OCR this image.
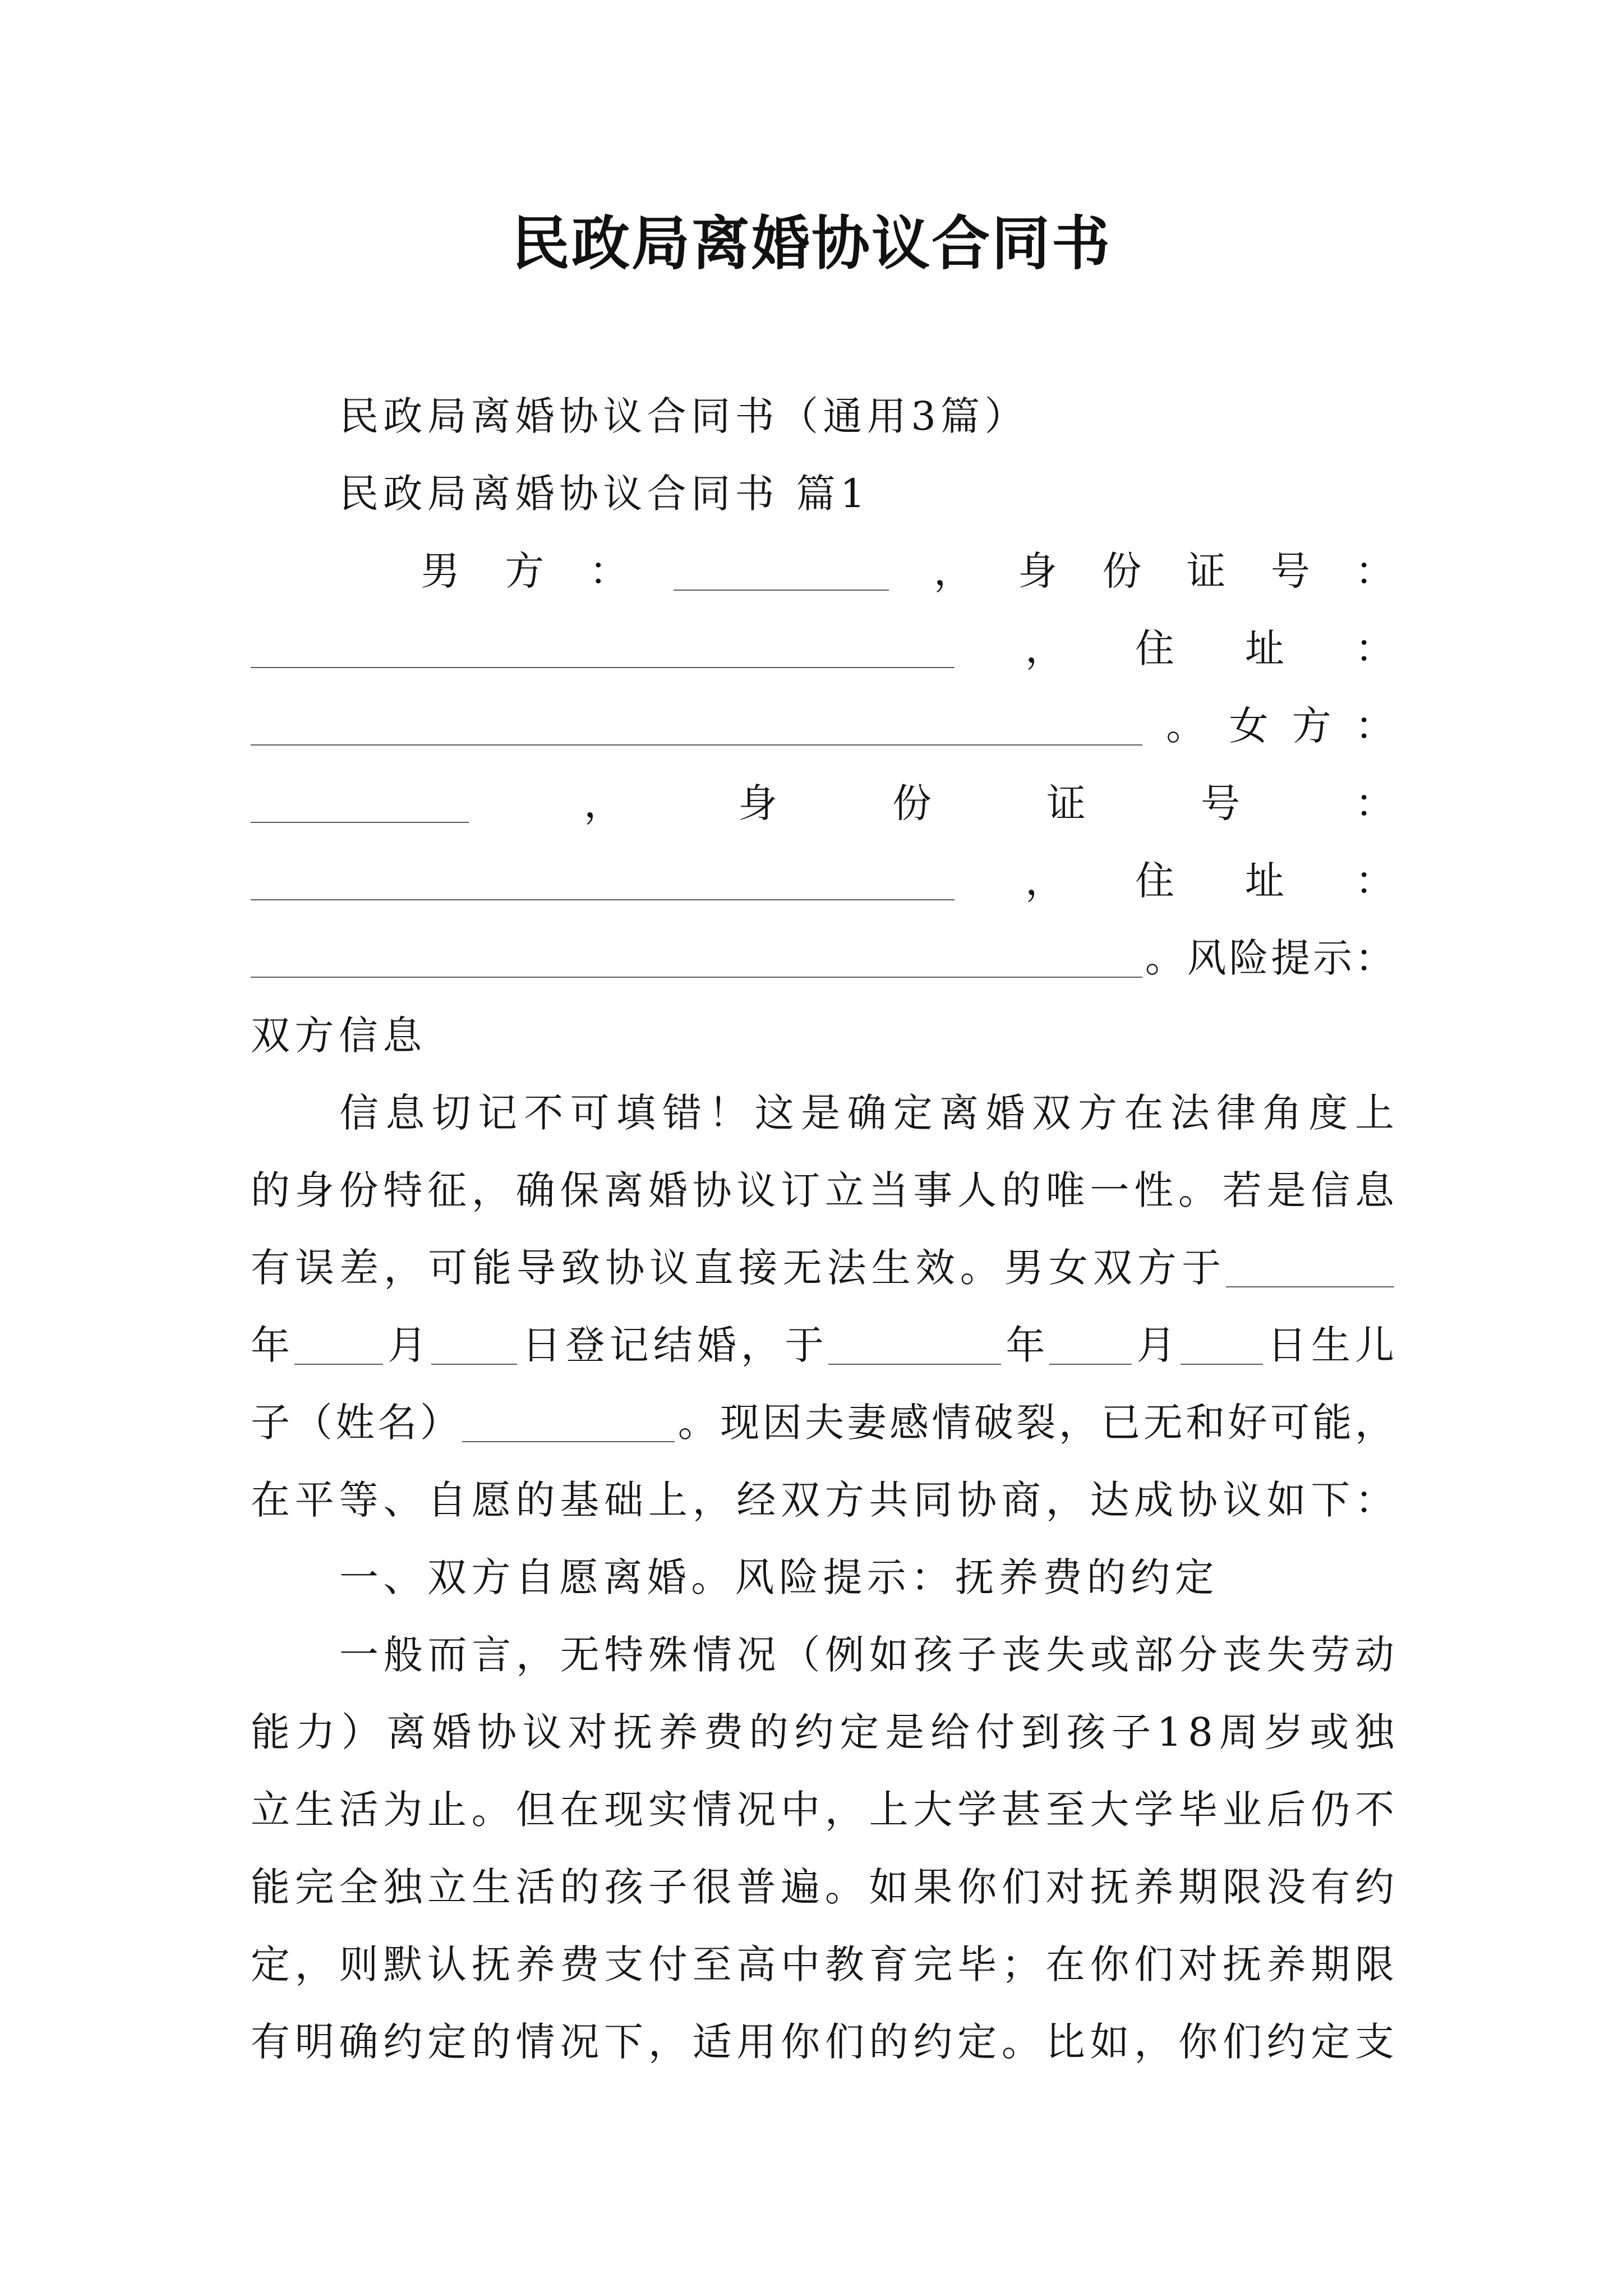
民政局离婚协议合同书
民政局离婚协议合同书（通用3篇）
民政局离婚协议合同书 篇1
男方：	，身份证号：
，住址：
。女方：
，身份证号：
，住址：
。风险提示：
双方信息
信息切记不可填错！这是确定离婚双方在法律角度上
的身份特征，确保离婚协议订立当事人的唯一性。若是信息
有误差，可能导致协议直接无法生效。男女双方于
年 月 日登记结婚，于	年 月 日生儿
子（姓名）	。现因夫妻感情破裂，已无和好可能，
在平等、自愿的基础上，经双方共同协商，达成协议如下：
一、双方自愿离婚。风险提示：抚养费的约定
一般而言，无特殊情况（例如孩子丧失或部分丧失劳动
能力）离婚协议对抚养费的约定是给付到孩子18周岁或独
立生活为止。但在现实情况中，上大学甚至大学毕业后仍不
能完全独立生活的孩子很普遍。如果你们对抚养期限没有约
定，则默认抚养费支付至高中教育完毕；在你们对抚养期限
有明确约定的情况下，适用你们的约定。比如，你们约定支
